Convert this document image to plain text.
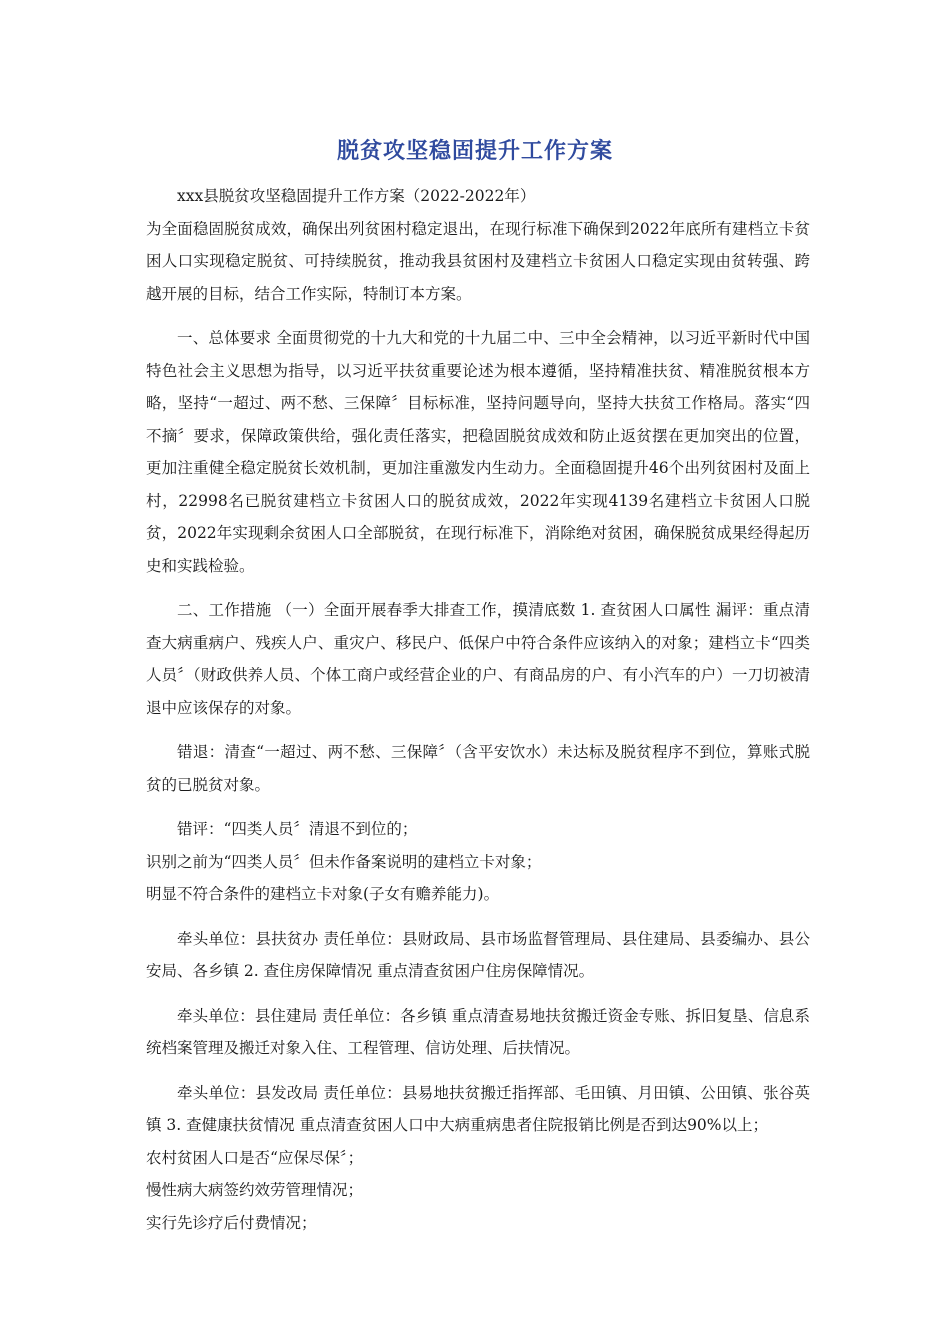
脱贫攻坚稳固提升工作方案

xxx县脱贫攻坚稳固提升工作方案（2022-2022年）

为全面稳固脱贫成效，确保出列贫困村稳定退出，在现行标准下确保到2022年底所有建档立卡贫困人口实现稳定脱贫、可持续脱贫，推动我县贫困村及建档立卡贫困人口稳定实现由贫转强、跨越开展的目标，结合工作实际，特制订本方案。

一、总体要求 全面贯彻党的十九大和党的十九届二中、三中全会精神，以习近平新时代中国特色社会主义思想为指导，以习近平扶贫重要论述为根本遵循，坚持精准扶贫、精准脱贫根本方略，坚持“一超过、两不愁、三保障〞目标标准，坚持问题导向，坚持大扶贫工作格局。落实“四不摘〞要求，保障政策供给，强化责任落实，把稳固脱贫成效和防止返贫摆在更加突出的位置，更加注重健全稳定脱贫长效机制，更加注重激发内生动力。全面稳固提升46个出列贫困村及面上村，22998名已脱贫建档立卡贫困人口的脱贫成效，2022年实现4139名建档立卡贫困人口脱贫，2022年实现剩余贫困人口全部脱贫，在现行标准下，消除绝对贫困，确保脱贫成果经得起历史和实践检验。

二、工作措施 （一）全面开展春季大排查工作，摸清底数 1. 查贫困人口属性 漏评：重点清查大病重病户、残疾人户、重灾户、移民户、低保户中符合条件应该纳入的对象；建档立卡“四类人员〞（财政供养人员、个体工商户或经营企业的户、有商品房的户、有小汽车的户）一刀切被清退中应该保存的对象。

错退：清查“一超过、两不愁、三保障〞（含平安饮水）未达标及脱贫程序不到位，算账式脱贫的已脱贫对象。

错评：“四类人员〞清退不到位的；

识别之前为“四类人员〞但未作备案说明的建档立卡对象；

明显不符合条件的建档立卡对象(子女有赡养能力)。

牵头单位：县扶贫办 责任单位：县财政局、县市场监督管理局、县住建局、县委编办、县公安局、各乡镇 2. 查住房保障情况 重点清查贫困户住房保障情况。

牵头单位：县住建局 责任单位：各乡镇 重点清查易地扶贫搬迁资金专账、拆旧复垦、信息系统档案管理及搬迁对象入住、工程管理、信访处理、后扶情况。

牵头单位：县发改局 责任单位：县易地扶贫搬迁指挥部、毛田镇、月田镇、公田镇、张谷英镇 3. 查健康扶贫情况 重点清查贫困人口中大病重病患者住院报销比例是否到达90%以上；

农村贫困人口是否“应保尽保〞；

慢性病大病签约效劳管理情况；

实行先诊疗后付费情况；
